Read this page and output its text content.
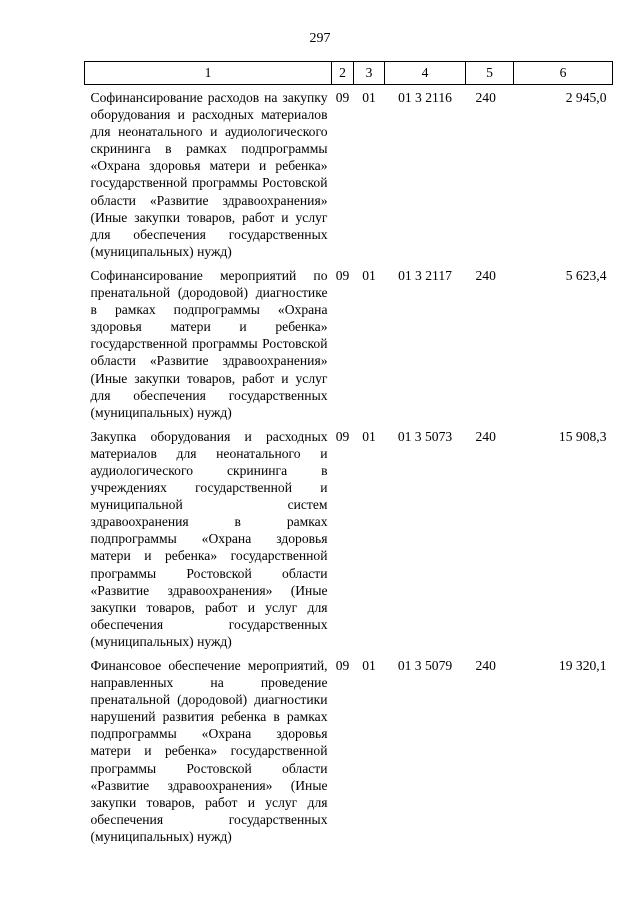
297
1	2	3	4	5	6
Софинансирование расходов на закупку оборудования и расходных материалов для неонатального и аудиологического скрининга в рамках подпрограммы «Охрана здоровья матери и ребенка» государственной программы Ростовской области «Развитие здравоохранения» (Иные закупки товаров, работ и услуг для обеспечения государственных (муниципальных) нужд)	09	01	01 3 2116	240	2 945,0
Софинансирование мероприятий по пренатальной (дородовой) диагностике в рамках подпрограммы «Охрана здоровья матери и ребенка» государственной программы Ростовской области «Развитие здравоохранения» (Иные закупки товаров, работ и услуг для обеспечения государственных (муниципальных) нужд)	09	01	01 3 2117	240	5 623,4
Закупка оборудования и расходных материалов для неонатального и аудиологического скрининга в учреждениях государственной и муниципальной систем здравоохранения в рамках подпрограммы «Охрана здоровья матери и ребенка» государственной программы Ростовской области «Развитие здравоохранения» (Иные закупки товаров, работ и услуг для обеспечения государственных (муниципальных) нужд)	09	01	01 3 5073	240	15 908,3
Финансовое обеспечение мероприятий, направленных на проведение пренатальной (дородовой) диагностики нарушений развития ребенка в рамках подпрограммы «Охрана здоровья матери и ребенка» государственной программы Ростовской области «Развитие здравоохранения» (Иные закупки товаров, работ и услуг для обеспечения государственных (муниципальных) нужд)	09	01	01 3 5079	240	19 320,1
